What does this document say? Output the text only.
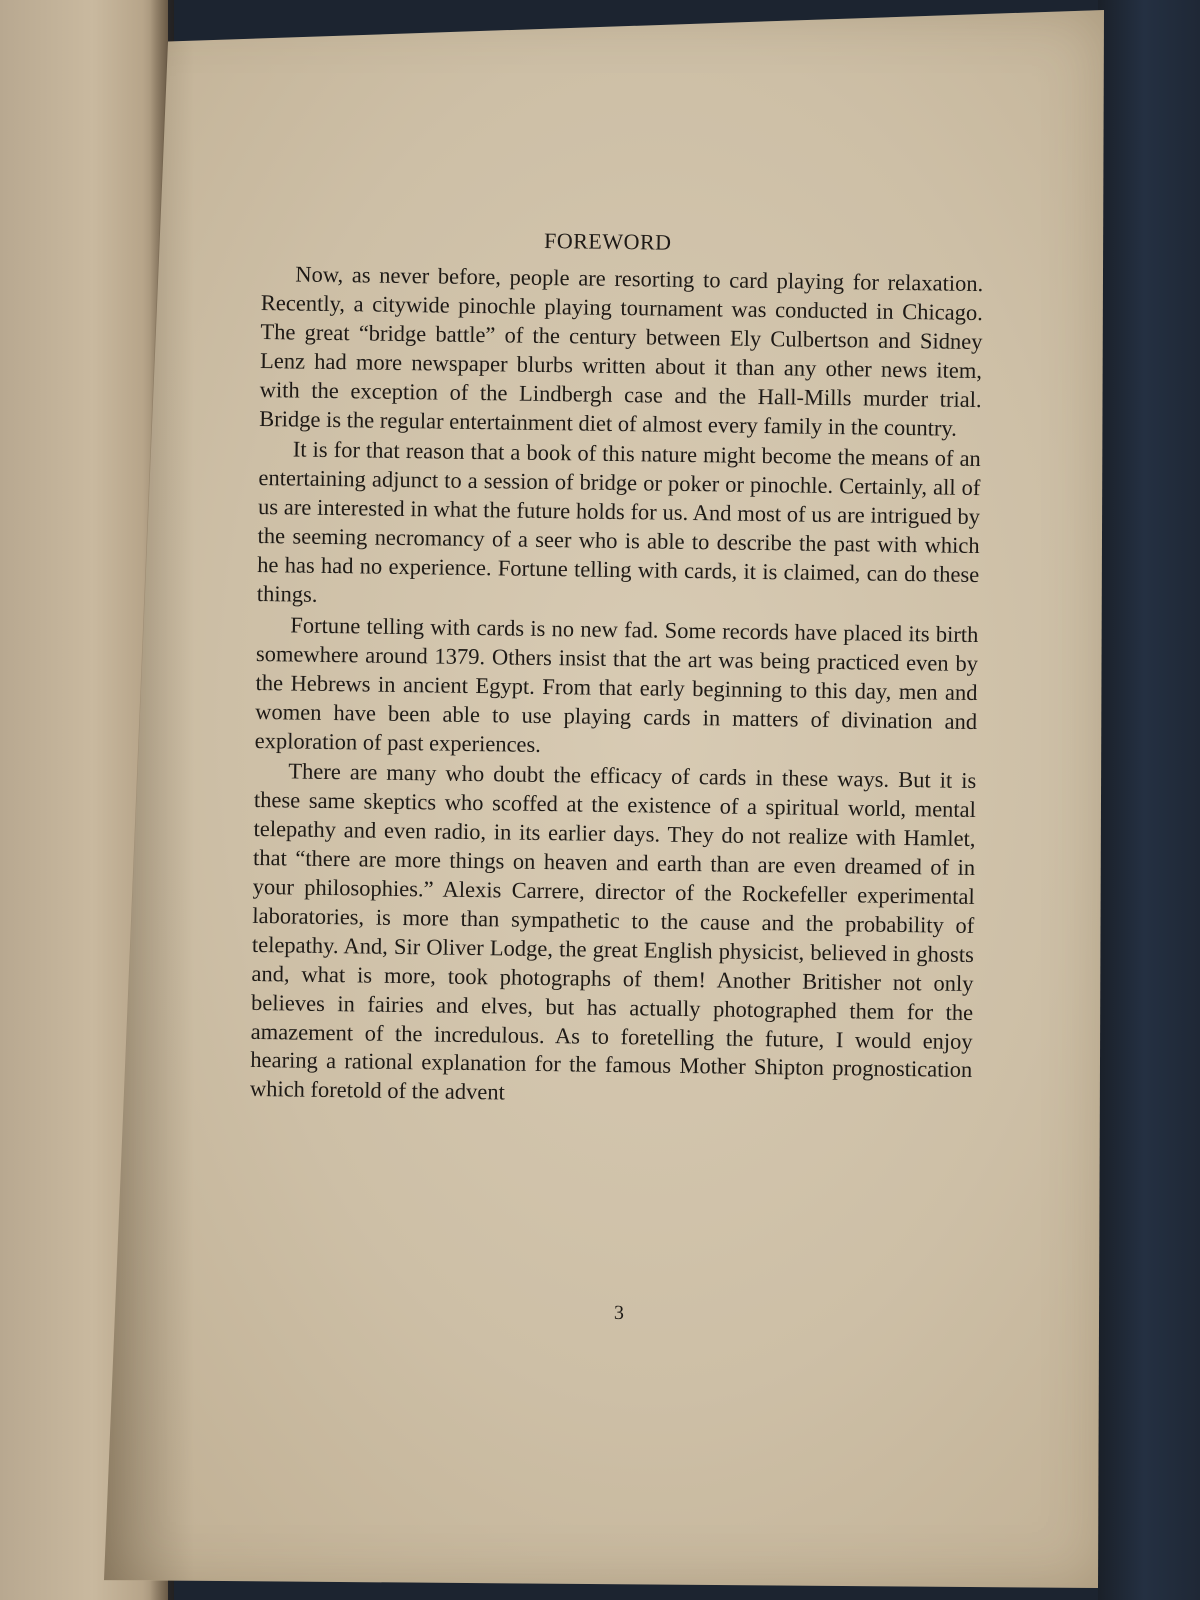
FOREWORD

Now, as never before, people are resorting to card playing for relaxation. Recently, a citywide pinochle playing tournament was conducted in Chicago. The great “bridge battle” of the century between Ely Culbertson and Sidney Lenz had more newspaper blurbs written about it than any other news item, with the exception of the Lindbergh case and the Hall-Mills murder trial. Bridge is the regular entertainment diet of almost every family in the country.

It is for that reason that a book of this nature might become the means of an entertaining adjunct to a session of bridge or poker or pinochle. Certainly, all of us are interested in what the future holds for us. And most of us are intrigued by the seeming necromancy of a seer who is able to describe the past with which he has had no experience. Fortune telling with cards, it is claimed, can do these things.

Fortune telling with cards is no new fad. Some records have placed its birth somewhere around 1379. Others insist that the art was being practiced even by the Hebrews in ancient Egypt. From that early beginning to this day, men and women have been able to use playing cards in matters of divination and exploration of past experiences.

There are many who doubt the efficacy of cards in these ways. But it is these same skeptics who scoffed at the existence of a spiritual world, mental telepathy and even radio, in its earlier days. They do not realize with Hamlet, that “there are more things on heaven and earth than are even dreamed of in your philosophies.” Alexis Carrere, director of the Rockefeller experimental laboratories, is more than sympathetic to the cause and the probability of telepathy. And, Sir Oliver Lodge, the great English physicist, believed in ghosts and, what is more, took photographs of them! Another Britisher not only believes in fairies and elves, but has actually photographed them for the amazement of the incredulous. As to foretelling the future, I would enjoy hearing a rational explanation for the famous Mother Shipton prognostication which foretold of the advent

3
